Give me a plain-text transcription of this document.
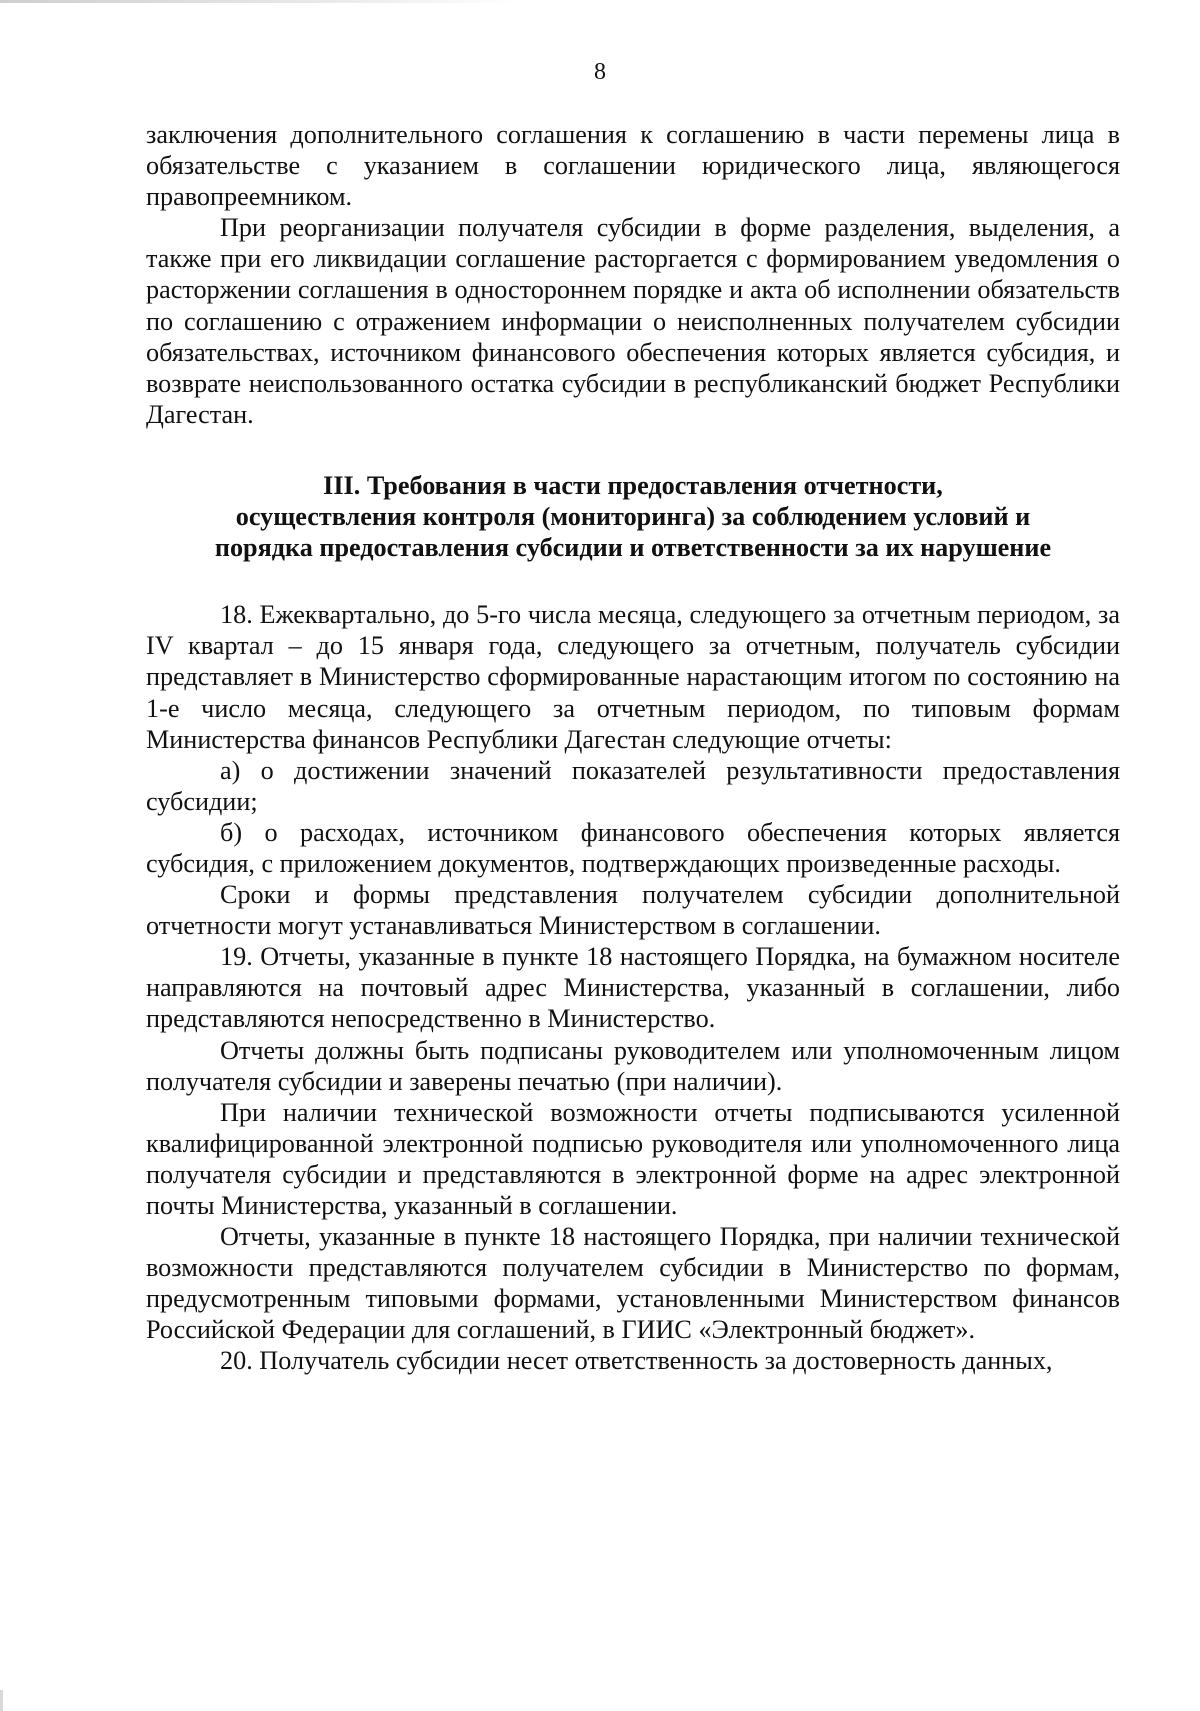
8

заключения дополнительного соглашения к соглашению в части перемены лица в обязательстве с указанием в соглашении юридического лица, являющегося правопреемником.

При реорганизации получателя субсидии в форме разделения, выделения, а также при его ликвидации соглашение расторгается с формированием уведомления о расторжении соглашения в одностороннем порядке и акта об исполнении обязательств по соглашению с отражением информации о неисполненных получателем субсидии обязательствах, источником финансового обеспечения которых является субсидия, и возврате неиспользованного остатка субсидии в республиканский бюджет Республики Дагестан.

III. Требования в части предоставления отчетности,
осуществления контроля (мониторинга) за соблюдением условий и
порядка предоставления субсидии и ответственности за их нарушение

18. Ежеквартально, до 5-го числа месяца, следующего за отчетным периодом, за IV квартал – до 15 января года, следующего за отчетным, получатель субсидии представляет в Министерство сформированные нарастающим итогом по состоянию на 1-е число месяца, следующего за отчетным периодом, по типовым формам Министерства финансов Республики Дагестан следующие отчеты:

а) о достижении значений показателей результативности предоставления субсидии;

б) о расходах, источником финансового обеспечения которых является субсидия, с приложением документов, подтверждающих произведенные расходы.

Сроки и формы представления получателем субсидии дополнительной отчетности могут устанавливаться Министерством в соглашении.

19. Отчеты, указанные в пункте 18 настоящего Порядка, на бумажном носителе направляются на почтовый адрес Министерства, указанный в соглашении, либо представляются непосредственно в Министерство.

Отчеты должны быть подписаны руководителем или уполномоченным лицом получателя субсидии и заверены печатью (при наличии).

При наличии технической возможности отчеты подписываются усиленной квалифицированной электронной подписью руководителя или уполномоченного лица получателя субсидии и представляются в электронной форме на адрес электронной почты Министерства, указанный в соглашении.

Отчеты, указанные в пункте 18 настоящего Порядка, при наличии технической возможности представляются получателем субсидии в Министерство по формам, предусмотренным типовыми формами, установленными Министерством финансов Российской Федерации для соглашений, в ГИИС «Электронный бюджет».

20. Получатель субсидии несет ответственность за достоверность данных,
